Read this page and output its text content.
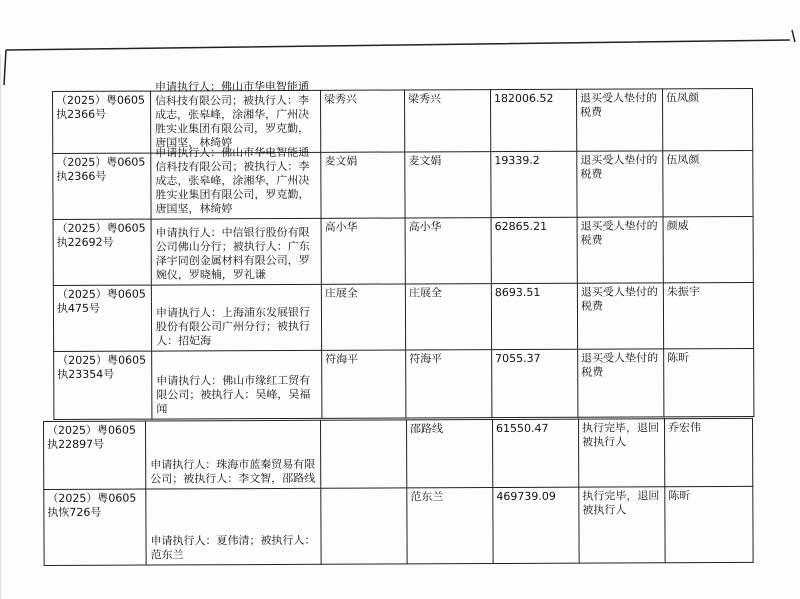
（2025）粤0605执2366号	申请执行人：佛山市华电智能通信科技有限公司；被执行人：李成志，张皋峰，涂湘华，广州决胜实业集团有限公司，罗克勤，唐国坚，林绮婷	梁秀兴	梁秀兴	182006.52	退买受人垫付的税费	伍凤颜
（2025）粤0605执2366号	申请执行人：佛山市华电智能通信科技有限公司；被执行人：李成志，张皋峰，涂湘华，广州决胜实业集团有限公司，罗克勤，唐国坚，林绮婷	麦文娟	麦文娟	19339.2	退买受人垫付的税费	伍凤颜
（2025）粤0605执22692号	申请执行人：中信银行股份有限公司佛山分行；被执行人：广东泽宇同创金属材料有限公司，罗婉仪，罗晓楠，罗礼谦	高小华	高小华	62865.21	退买受人垫付的税费	颜威
（2025）粤0605执475号	申请执行人：上海浦东发展银行股份有限公司广州分行；被执行人：招妃海	庄展全	庄展全	8693.51	退买受人垫付的税费	朱振宇
（2025）粤0605执23354号	申请执行人：佛山市缘红工贸有限公司；被执行人：吴峰，吴福闻	符海平	符海平	7055.37	退买受人垫付的税费	陈昕
（2025）粤0605执22897号	申请执行人：珠海市蓝秦贸易有限公司；被执行人：李文智，邵路线		邵路线	61550.47	执行完毕，退回被执行人	乔宏伟
（2025）粤0605执恢726号	申请执行人：夏伟清；被执行人：范东兰		范东兰	469739.09	执行完毕，退回被执行人	陈昕
